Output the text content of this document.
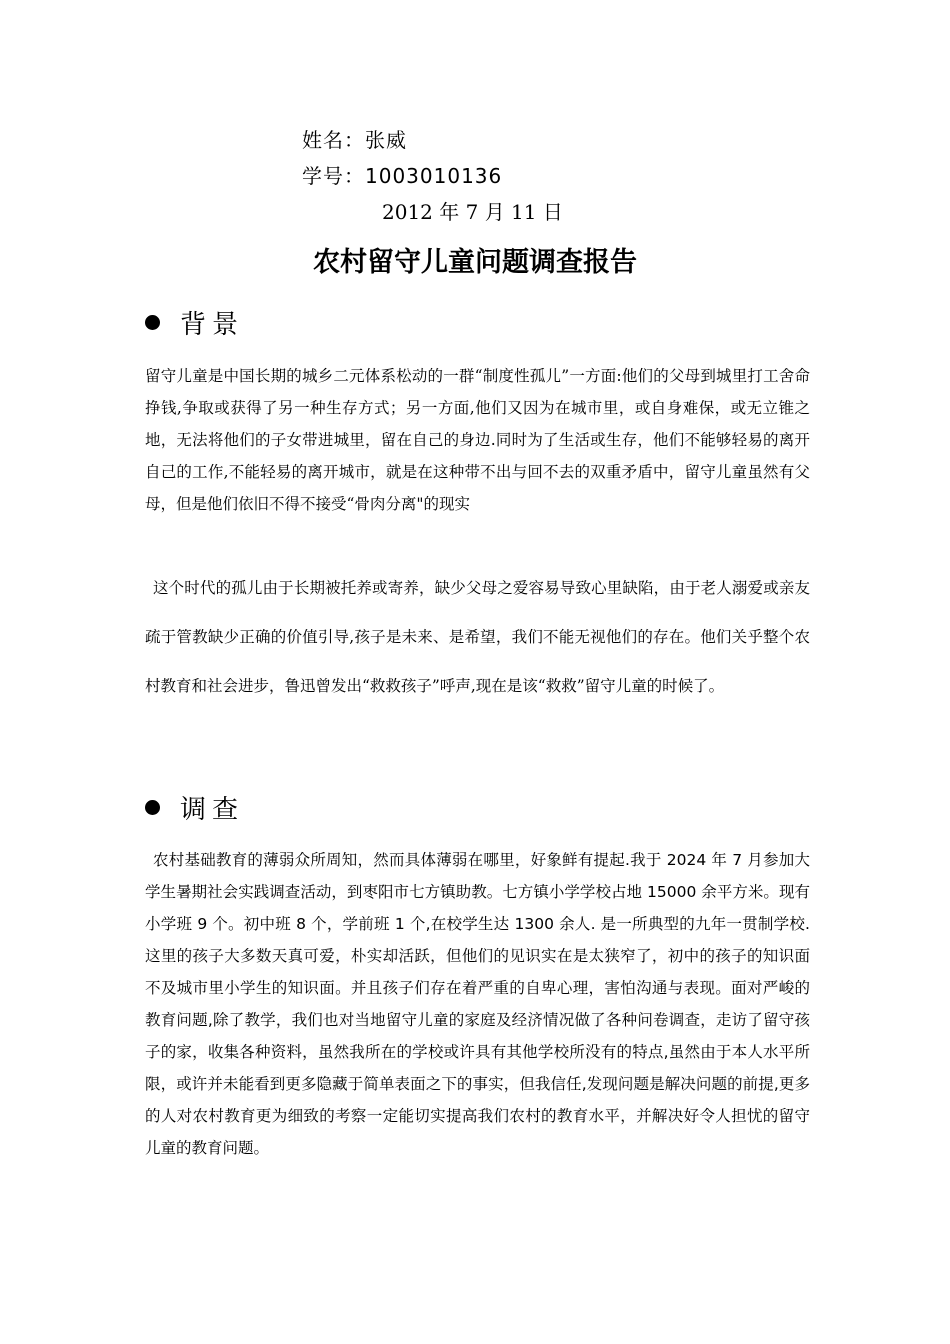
姓名：张威
学号：1003010136
2012 年 7 月 11 日
农村留守儿童问题调查报告
背景

留守儿童是中国长期的城乡二元体系松动的一群“制度性孤儿”一方面:他们的父母到城里打工舍命挣钱,争取或获得了另一种生存方式；另一方面,他们又因为在城市里，或自身难保，或无立锥之地，无法将他们的子女带进城里，留在自己的身边.同时为了生活或生存，他们不能够轻易的离开自己的工作,不能轻易的离开城市，就是在这种带不出与回不去的双重矛盾中，留守儿童虽然有父母，但是他们依旧不得不接受“骨肉分离"的现实

这个时代的孤儿由于长期被托养或寄养，缺少父母之爱容易导致心里缺陷，由于老人溺爱或亲友疏于管教缺少正确的价值引导,孩子是未来、是希望，我们不能无视他们的存在。他们关乎整个农村教育和社会进步，鲁迅曾发出“救救孩子”呼声,现在是该“救救”留守儿童的时候了。

调查

农村基础教育的薄弱众所周知，然而具体薄弱在哪里，好象鲜有提起.我于 2024 年 7 月参加大学生暑期社会实践调查活动，到枣阳市七方镇助教。七方镇小学学校占地 15000 余平方米。现有小学班 9 个。初中班 8 个，学前班 1 个,在校学生达 1300 余人. 是一所典型的九年一贯制学校.这里的孩子大多数天真可爱，朴实却活跃，但他们的见识实在是太狭窄了，初中的孩子的知识面不及城市里小学生的知识面。并且孩子们存在着严重的自卑心理，害怕沟通与表现。面对严峻的教育问题,除了教学，我们也对当地留守儿童的家庭及经济情况做了各种问卷调查，走访了留守孩子的家，收集各种资料，虽然我所在的学校或许具有其他学校所没有的特点,虽然由于本人水平所限，或许并未能看到更多隐藏于简单表面之下的事实，但我信任,发现问题是解决问题的前提,更多的人对农村教育更为细致的考察一定能切实提高我们农村的教育水平，并解决好令人担忧的留守儿童的教育问题。
